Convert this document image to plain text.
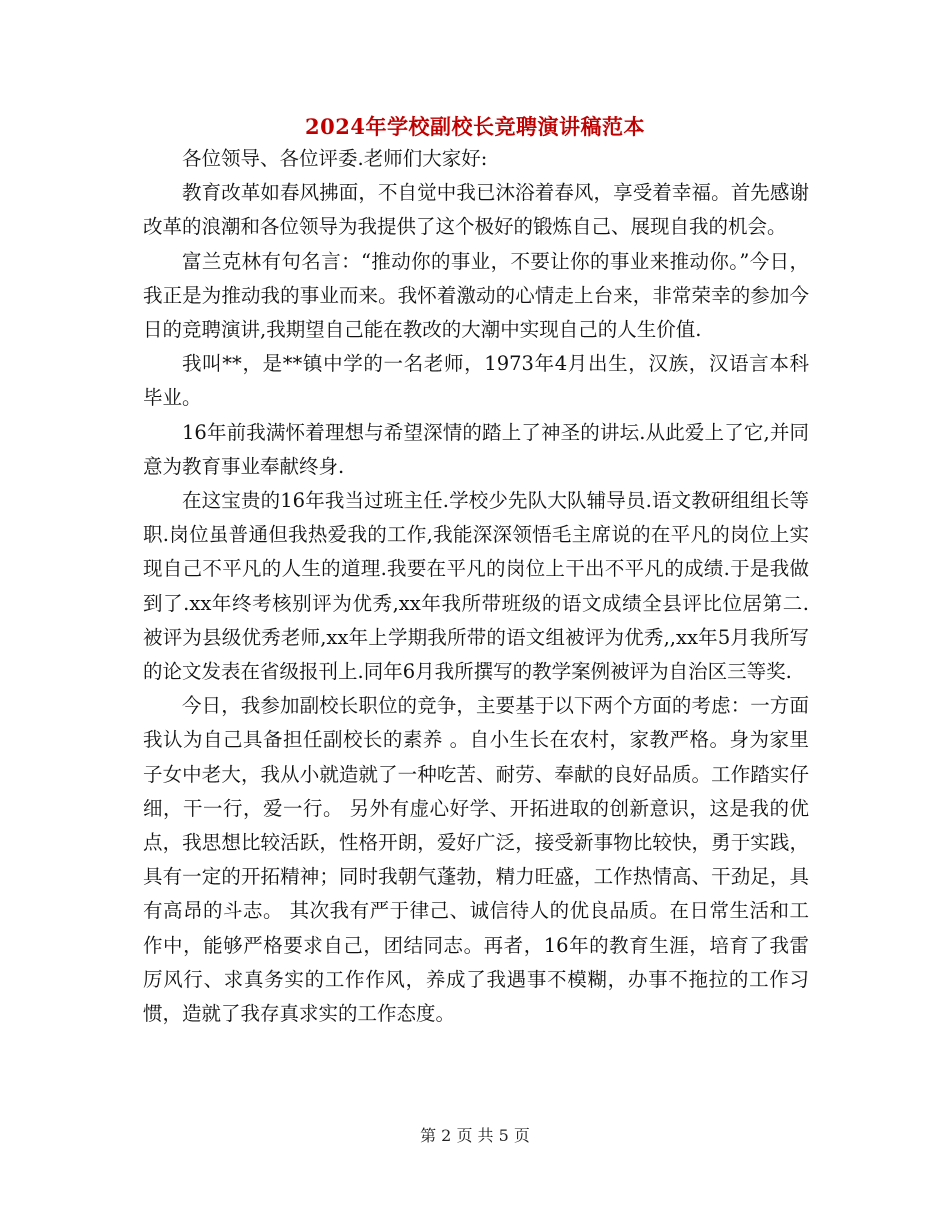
2024年学校副校长竞聘演讲稿范本

各位领导、各位评委.老师们大家好:

教育改革如春风拂面，不自觉中我已沐浴着春风，享受着幸福。首先感谢改革的浪潮和各位领导为我提供了这个极好的锻炼自己、展现自我的机会。

富兰克林有句名言：“推动你的事业，不要让你的事业来推动你。”今日，我正是为推动我的事业而来。我怀着激动的心情走上台来，非常荣幸的参加今日的竞聘演讲,我期望自己能在教改的大潮中实现自己的人生价值.

我叫**，是**镇中学的一名老师，1973年4月出生，汉族，汉语言本科毕业。

16年前我满怀着理想与希望深情的踏上了神圣的讲坛.从此爱上了它,并同意为教育事业奉献终身.

在这宝贵的16年我当过班主任.学校少先队大队辅导员.语文教研组组长等职.岗位虽普通但我热爱我的工作,我能深深领悟毛主席说的在平凡的岗位上实现自己不平凡的人生的道理.我要在平凡的岗位上干出不平凡的成绩.于是我做到了.xx年终考核别评为优秀,xx年我所带班级的语文成绩全县评比位居第二.被评为县级优秀老师,xx年上学期我所带的语文组被评为优秀,,xx年5月我所写的论文发表在省级报刊上.同年6月我所撰写的教学案例被评为自治区三等奖.

今日，我参加副校长职位的竞争，主要基于以下两个方面的考虑：一方面我认为自己具备担任副校长的素养 。自小生长在农村，家教严格。身为家里子女中老大，我从小就造就了一种吃苦、耐劳、奉献的良好品质。工作踏实仔细，干一行，爱一行。 另外有虚心好学、开拓进取的创新意识，这是我的优点，我思想比较活跃，性格开朗，爱好广泛，接受新事物比较快，勇于实践，具有一定的开拓精神；同时我朝气蓬勃，精力旺盛，工作热情高、干劲足，具有高昂的斗志。 其次我有严于律己、诚信待人的优良品质。在日常生活和工作中，能够严格要求自己，团结同志。再者，16年的教育生涯，培育了我雷厉风行、求真务实的工作作风，养成了我遇事不模糊，办事不拖拉的工作习惯，造就了我存真求实的工作态度。

第 2 页 共 5 页
